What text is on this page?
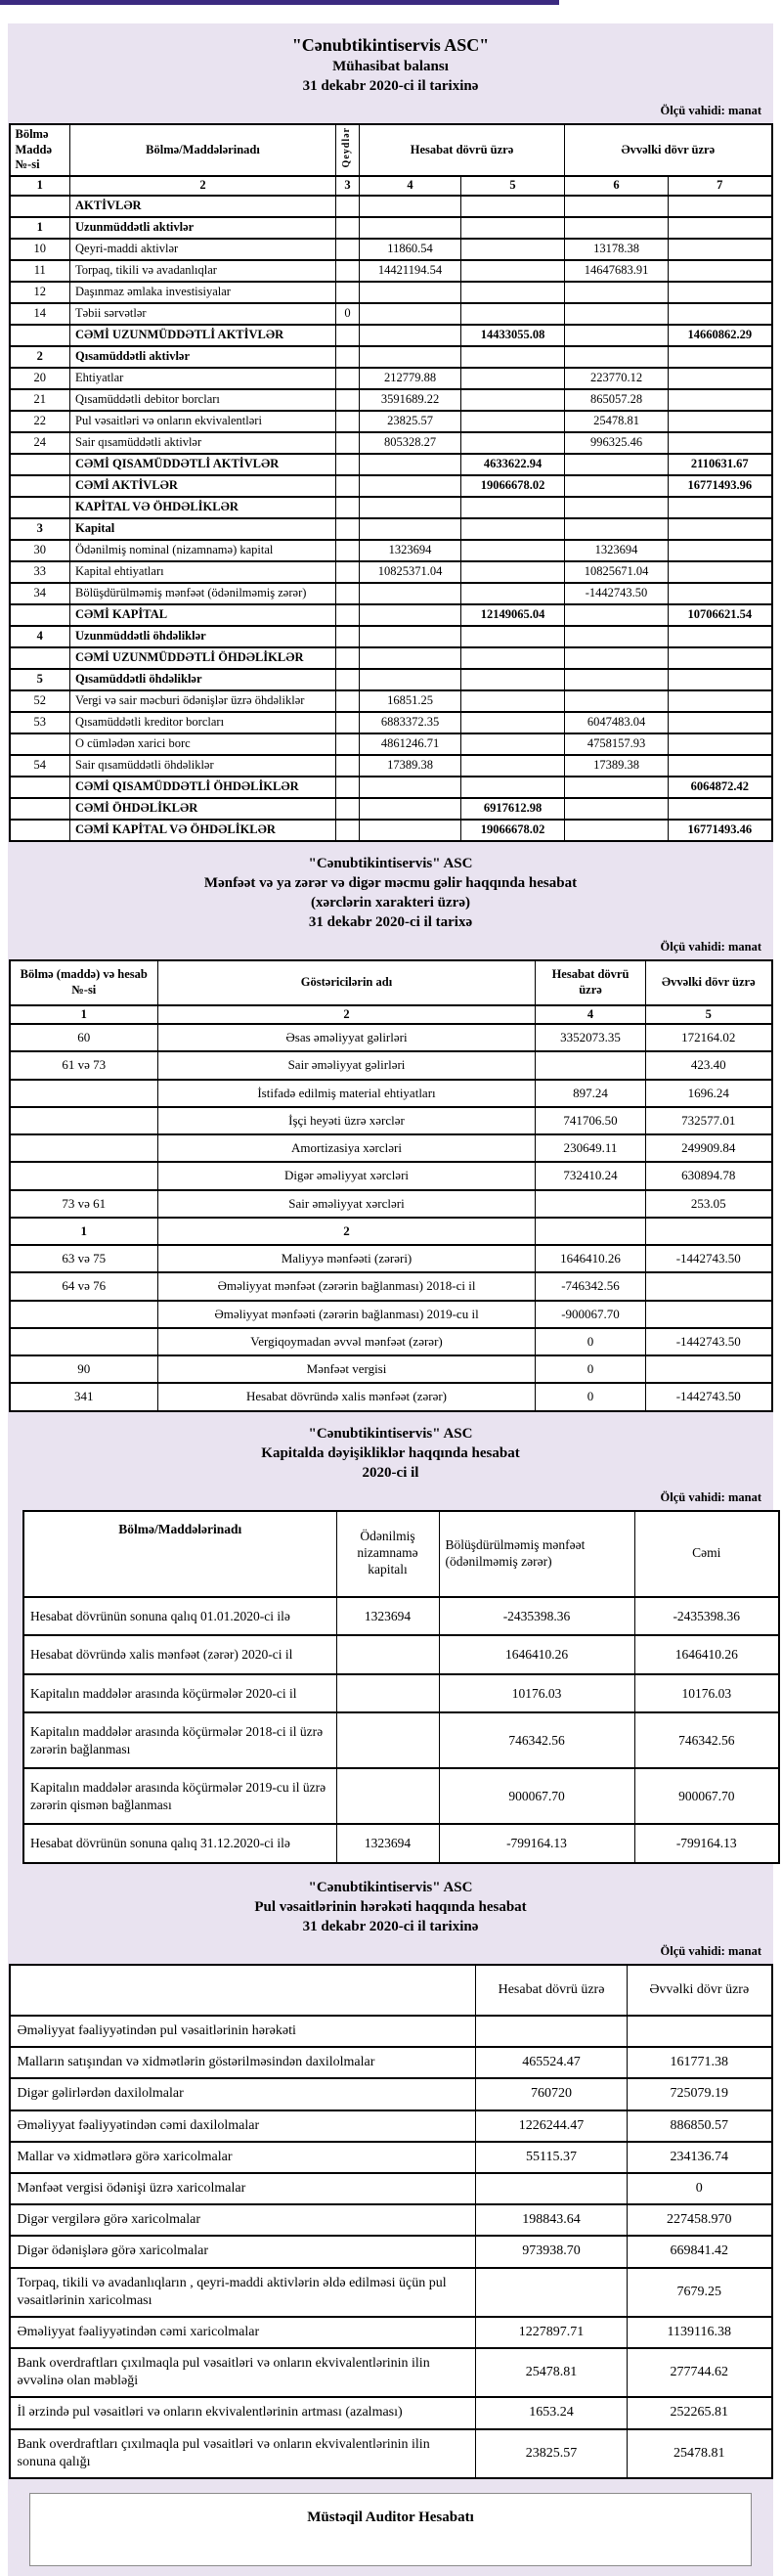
"Cənubtikintiservis ASC"
Mühasibat balansı
31 dekabr 2020-ci il tarixinə
Ölçü vahidi: manat
Bölmə Maddə №-si	Bölmə/Maddələrinadı	Qeydlər	Hesabat dövrü üzrə		Əvvəlki dövr üzrə	
1	2	3	4	5	6	7
	AKTİVLƏR					
1	Uzunmüddətli aktivlər					
10	Qeyri-maddi aktivlər		11860.54		13178.38	
11	Torpaq, tikili və avadanlıqlar		14421194.54		14647683.91	
12	Daşınmaz əmlaka investisiyalar					
14	Təbii sərvətlər	0				
	CƏMİ UZUNMÜDDƏTLİ AKTİVLƏR			14433055.08		14660862.29
2	Qısamüddətli aktivlər					
20	Ehtiyatlar		212779.88		223770.12	
21	Qısamüddətli debitor borcları		3591689.22		865057.28	
22	Pul vəsaitləri və onların ekvivalentləri		23825.57		25478.81	
24	Sair qısamüddətli aktivlər		805328.27		996325.46	
	CƏMİ QISAMÜDDƏTLİ AKTİVLƏR			4633622.94		2110631.67
	CƏMİ AKTİVLƏR			19066678.02		16771493.96
	KAPİTAL VƏ ÖHDƏLİKLƏR					
3	Kapital					
30	Ödənilmiş nominal (nizamnamə) kapital		1323694		1323694	
33	Kapital ehtiyatları		10825371.04		10825671.04	
34	Bölüşdürülməmiş mənfəət (ödənilməmiş zərər)				-1442743.50	
	CƏMİ KAPİTAL			12149065.04		10706621.54
4	Uzunmüddətli öhdəliklər					
	CƏMİ UZUNMÜDDƏTLİ ÖHDƏLİKLƏR					
5	Qısamüddətli öhdəliklər					
52	Vergi və sair məcburi ödənişlər üzrə öhdəliklər		16851.25			
53	Qısamüddətli kreditor borcları		6883372.35		6047483.04	
	O cümlədən xarici borc		4861246.71		4758157.93	
54	Sair qısamüddətli öhdəliklər		17389.38		17389.38	
	CƏMİ QISAMÜDDƏTLİ ÖHDƏLİKLƏR					6064872.42
	CƏMİ ÖHDƏLİKLƏR			6917612.98		
	CƏMİ KAPİTAL VƏ ÖHDƏLİKLƏR			19066678.02		16771493.46
"Cənubtikintiservis" ASC
Mənfəət və ya zərər və digər məcmu gəlir haqqında hesabat
(xərclərin xarakteri üzrə)
31 dekabr 2020-ci il tarixə
Ölçü vahidi: manat
Bölmə (maddə) və hesab №-si	Göstəricilərin adı	Hesabat dövrü üzrə	Əvvəlki dövr üzrə
1	2	4	5
60	Əsas əməliyyat gəlirləri	3352073.35	172164.02
61 və 73	Sair əməliyyat gəlirləri		423.40
	İstifadə edilmiş material ehtiyatları	897.24	1696.24
	İşçi heyəti üzrə xərclər	741706.50	732577.01
	Amortizasiya xərcləri	230649.11	249909.84
	Digər əməliyyat xərcləri	732410.24	630894.78
73 və 61	Sair əməliyyat xərcləri		253.05
1	2		
63 və 75	Maliyyə mənfəəti (zərəri)	1646410.26	-1442743.50
64 və 76	Əməliyyat mənfəət (zərərin bağlanması) 2018-ci il	-746342.56	
	Əməliyyat mənfəəti (zərərin bağlanması) 2019-cu il	-900067.70	
	Vergiqoymadan əvvəl mənfəət (zərər)	0	-1442743.50
90	Mənfəət vergisi	0	
341	Hesabat dövründə xalis mənfəət (zərər)	0	-1442743.50
"Cənubtikintiservis" ASC
Kapitalda dəyişikliklər haqqında hesabat
2020-ci il
Ölçü vahidi: manat
Bölmə/Maddələrinadı	Ödənilmiş nizamnamə kapitalı	Bölüşdürülməmiş mənfəət (ödənilməmiş zərər)	Cəmi
Hesabat dövrünün sonuna qalıq 01.01.2020-ci ilə	1323694	-2435398.36	-2435398.36
Hesabat dövründə xalis mənfəət (zərər) 2020-ci il		1646410.26	1646410.26
Kapitalın maddələr arasında köçürmələr 2020-ci il		10176.03	10176.03
Kapitalın maddələr arasında köçürmələr 2018-ci il üzrə zərərin bağlanması		746342.56	746342.56
Kapitalın maddələr arasında köçürmələr 2019-cu il üzrə zərərin qismən bağlanması		900067.70	900067.70
Hesabat dövrünün sonuna qalıq 31.12.2020-ci ilə	1323694	-799164.13	-799164.13
"Cənubtikintiservis" ASC
Pul vəsaitlərinin hərəkəti haqqında hesabat
31 dekabr 2020-ci il tarixinə
Ölçü vahidi: manat
	Hesabat dövrü üzrə	Əvvəlki dövr üzrə
Əməliyyat fəaliyyətindən pul vəsaitlərinin hərəkəti		
Malların satışından və xidmətlərin göstərilməsindən daxilolmalar	465524.47	161771.38
Digər gəlirlərdən daxilolmalar	760720	725079.19
Əməliyyat fəaliyyətindən cəmi daxilolmalar	1226244.47	886850.57
Mallar və xidmətlərə görə xaricolmalar	55115.37	234136.74
Mənfəət vergisi ödənişi üzrə xaricolmalar		0
Digər vergilərə görə xaricolmalar	198843.64	227458.970
Digər ödənişlərə görə xaricolmalar	973938.70	669841.42
Torpaq, tikili və avadanlıqların , qeyri-maddi aktivlərin əldə edilməsi üçün pul vəsaitlərinin xaricolması		7679.25
Əməliyyat fəaliyyətindən cəmi xaricolmalar	1227897.71	1139116.38
Bank overdraftları çıxılmaqla pul vəsaitləri və onların ekvivalentlərinin ilin əvvəlinə olan məbləği	25478.81	277744.62
İl ərzində pul vəsaitləri və onların ekvivalentlərinin artması (azalması)	1653.24	252265.81
Bank overdraftları çıxılmaqla pul vəsaitləri və onların ekvivalentlərinin ilin sonuna qalığı	23825.57	25478.81
Müstəqil Auditor Hesabatı
